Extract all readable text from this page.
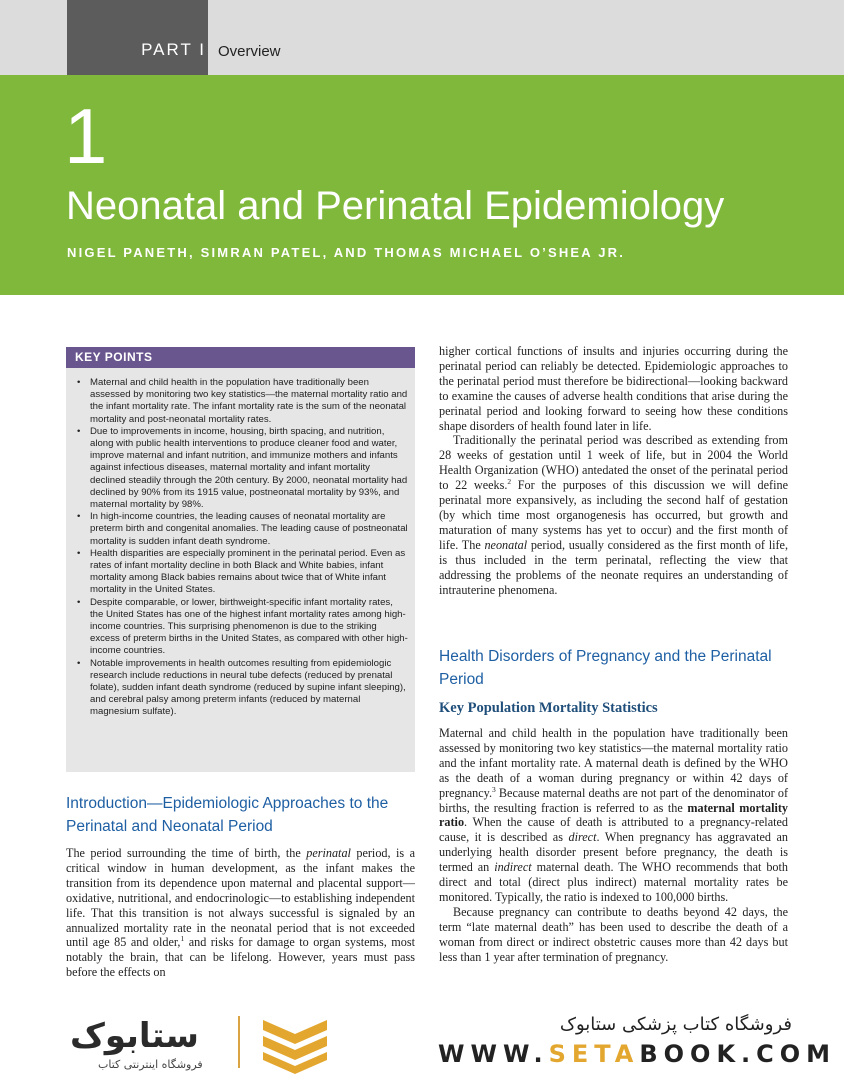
PART I Overview
1
Neonatal and Perinatal Epidemiology
NIGEL PANETH, SIMRAN PATEL, AND THOMAS MICHAEL O’SHEA JR.
KEY POINTS
• Maternal and child health in the population have traditionally been assessed by monitoring two key statistics—the maternal mortality ratio and the infant mortality rate. The infant mortality rate is the sum of the neonatal mortality and post-neonatal mortality rates.
• Due to improvements in income, housing, birth spacing, and nutrition, along with public health interventions to produce cleaner food and water, improve maternal and infant nutrition, and immunize mothers and infants against infectious diseases, maternal mortality and infant mortality declined steadily through the 20th century. By 2000, neonatal mortality had declined by 90% from its 1915 value, postneonatal mortality by 93%, and maternal mortality by 98%.
• In high-income countries, the leading causes of neonatal mortality are preterm birth and congenital anomalies. The leading cause of postneonatal mortality is sudden infant death syndrome.
• Health disparities are especially prominent in the perinatal period. Even as rates of infant mortality decline in both Black and White babies, infant mortality among Black babies remains about twice that of White infant mortality in the United States.
• Despite comparable, or lower, birthweight-specific infant mortality rates, the United States has one of the highest infant mortality rates among high-income countries. This surprising phenomenon is due to the striking excess of preterm births in the United States, as compared with other high-income countries.
• Notable improvements in health outcomes resulting from epidemiologic research include reductions in neural tube defects (reduced by prenatal folate), sudden infant death syndrome (reduced by supine infant sleeping), and cerebral palsy among preterm infants (reduced by maternal magnesium sulfate).
Introduction—Epidemiologic Approaches to the Perinatal and Neonatal Period

The period surrounding the time of birth, the perinatal period, is a critical window in human development, as the infant makes the transition from its dependence upon maternal and placental support—oxidative, nutritional, and endocrinologic—to establishing independent life. That this transition is not always successful is signaled by an annualized mortality rate in the neonatal period that is not exceeded until age 85 and older,$^1$ and risks for damage to organ systems, most notably the brain, that can be lifelong. However, years must pass before the effects on

higher cortical functions of insults and injuries occurring during the perinatal period can reliably be detected. Epidemiologic approaches to the perinatal period must therefore be bidirectional—looking backward to examine the causes of adverse health conditions that arise during the perinatal period and looking forward to seeing how these conditions shape disorders of health found later in life.

Traditionally the perinatal period was described as extending from 28 weeks of gestation until 1 week of life, but in 2004 the World Health Organization (WHO) antedated the onset of the perinatal period to 22 weeks.$^2$ For the purposes of this discussion we will define perinatal more expansively, as including the second half of gestation (by which time most organogenesis has occurred, but growth and maturation of many systems has yet to occur) and the first month of life. The neonatal period, usually considered as the first month of life, is thus included in the term perinatal, reflecting the view that addressing the problems of the neonate requires an understanding of intrauterine phenomena.

Health Disorders of Pregnancy and the Perinatal Period
Key Population Mortality Statistics

Maternal and child health in the population have traditionally been assessed by monitoring two key statistics—the maternal mortality ratio and the infant mortality rate. A maternal death is defined by the WHO as the death of a woman during pregnancy or within 42 days of pregnancy.$^3$ Because maternal deaths are not part of the denominator of births, the resulting fraction is referred to as the maternal mortality ratio. When the cause of death is attributed to a pregnancy-related cause, it is described as direct. When pregnancy has aggravated an underlying health disorder present before pregnancy, the death is termed an indirect maternal death. The WHO recommends that both direct and total (direct plus indirect) maternal mortality rates be monitored. Typically, the ratio is indexed to 100,000 births.

Because pregnancy can contribute to deaths beyond 42 days, the term “late maternal death” has been used to describe the death of a woman from direct or indirect obstetric causes more than 42 days but less than 1 year after termination of pregnancy.

ستابوک
فروشگاه اینترنتی کتاب
فروشگاه کتاب پزشکی ستابوک
WWW.SETABOOK.COM
